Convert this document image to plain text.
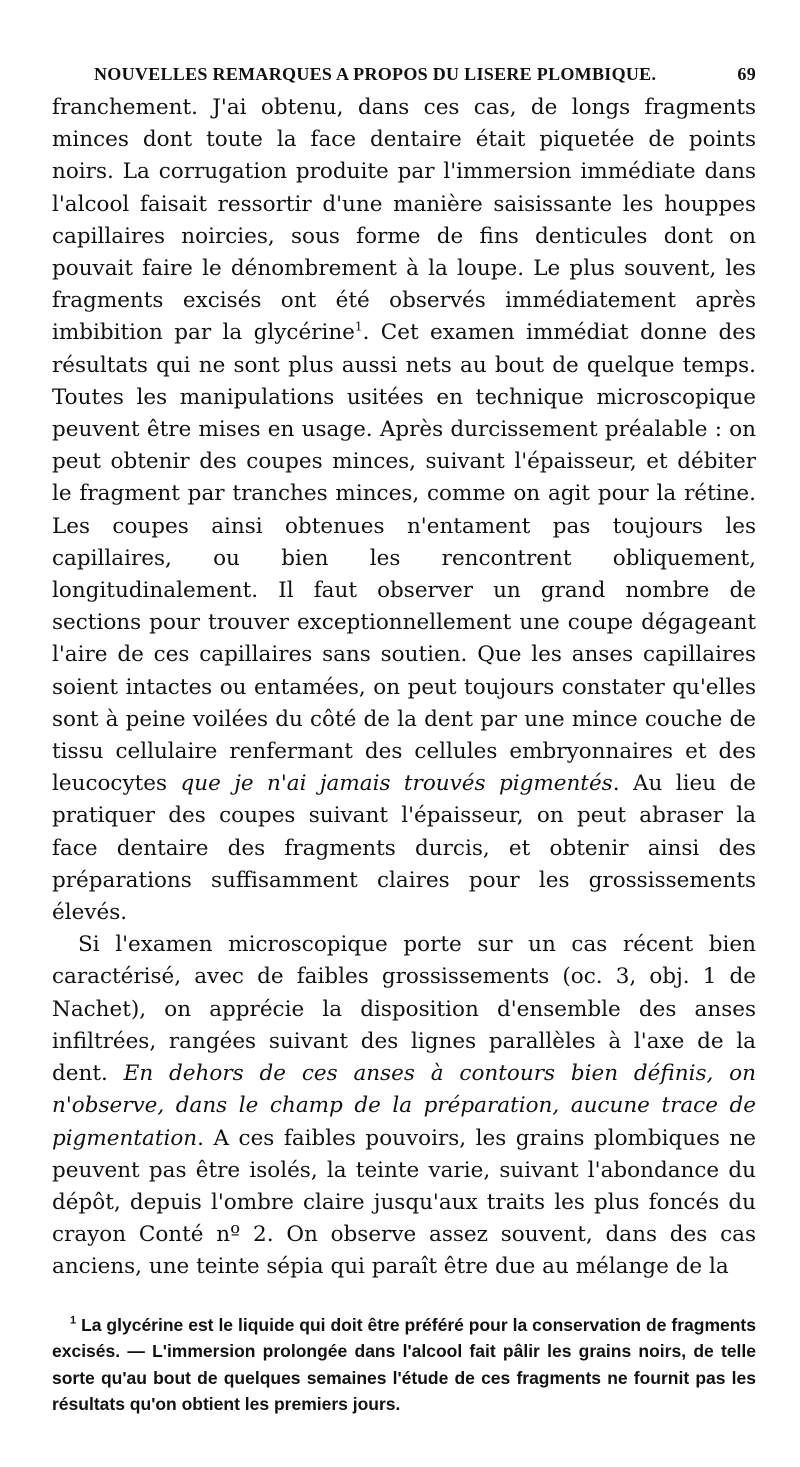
NOUVELLES REMARQUES A PROPOS DU LISERE PLOMBIQUE.	69

franchement. J'ai obtenu, dans ces cas, de longs fragments minces dont toute la face dentaire était piquetée de points noirs. La corrugation produite par l'immersion immédiate dans l'alcool faisait ressortir d'une manière saisissante les houppes capillaires noircies, sous forme de fins denticules dont on pouvait faire le dénombrement à la loupe. Le plus souvent, les fragments excisés ont été observés immédiatement après imbibition par la glycérine$^1$. Cet examen immédiat donne des résultats qui ne sont plus aussi nets au bout de quelque temps. Toutes les manipulations usitées en technique microscopique peuvent être mises en usage. Après durcissement préalable : on peut obtenir des coupes minces, suivant l'épaisseur, et débiter le fragment par tranches minces, comme on agit pour la rétine. Les coupes ainsi obtenues n'entament pas toujours les capillaires, ou bien les rencontrent obliquement, longitudinalement. Il faut observer un grand nombre de sections pour trouver exceptionnellement une coupe dégageant l'aire de ces capillaires sans soutien. Que les anses capillaires soient intactes ou entamées, on peut toujours constater qu'elles sont à peine voilées du côté de la dent par une mince couche de tissu cellulaire renfermant des cellules embryonnaires et des leucocytes que je n'ai jamais trouvés pigmentés. Au lieu de pratiquer des coupes suivant l'épaisseur, on peut abraser la face dentaire des fragments durcis, et obtenir ainsi des préparations suffisamment claires pour les grossissements élevés.

Si l'examen microscopique porte sur un cas récent bien caractérisé, avec de faibles grossissements (oc. 3, obj. 1 de Nachet), on apprécie la disposition d'ensemble des anses infiltrées, rangées suivant des lignes parallèles à l'axe de la dent. En dehors de ces anses à contours bien définis, on n'observe, dans le champ de la préparation, aucune trace de pigmentation. A ces faibles pouvoirs, les grains plombiques ne peuvent pas être isolés, la teinte varie, suivant l'abondance du dépôt, depuis l'ombre claire jusqu'aux traits les plus foncés du crayon Conté nº 2. On observe assez souvent, dans des cas anciens, une teinte sépia qui paraît être due au mélange de la

$^1$ La glycérine est le liquide qui doit être préféré pour la conservation de fragments excisés. — L'immersion prolongée dans l'alcool fait pâlir les grains noirs, de telle sorte qu'au bout de quelques semaines l'étude de ces fragments ne fournit pas les résultats qu'on obtient les premiers jours.
